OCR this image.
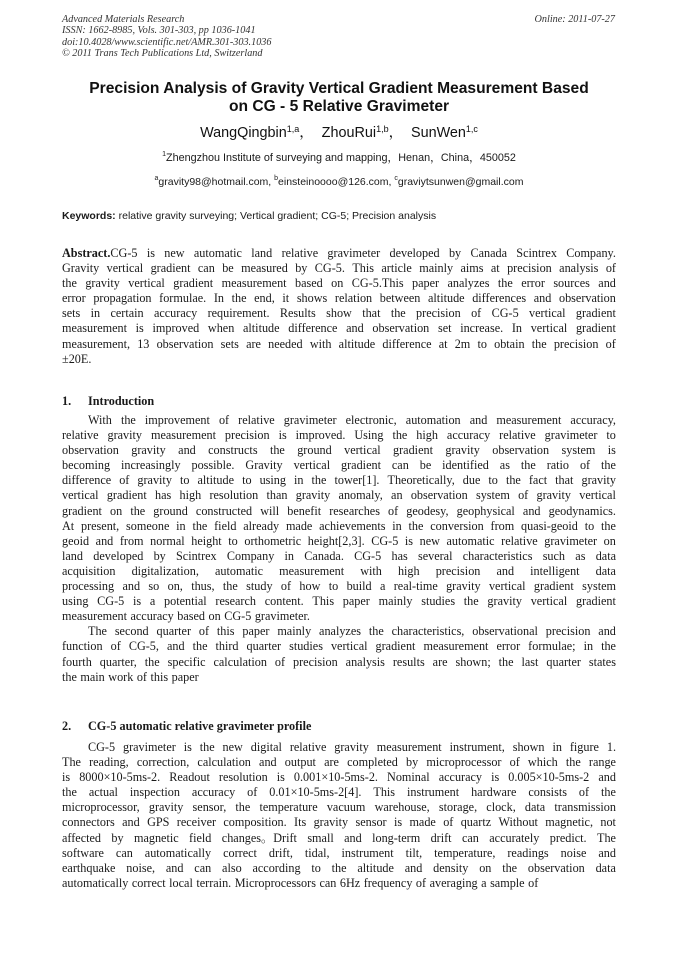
Advanced Materials Research
ISSN: 1662-8985, Vols. 301-303, pp 1036-1041
doi:10.4028/www.scientific.net/AMR.301-303.1036
© 2011 Trans Tech Publications Ltd, Switzerland
Online: 2011-07-27
Precision Analysis of Gravity Vertical Gradient Measurement Based
on CG - 5 Relative Gravimeter
WangQingbin$^{1,a}$， ZhouRui$^{1,b}$， SunWen$^{1,c}$
$^1$Zhengzhou Institute of surveying and mapping，Henan，China，450052
$^a$gravity98@hotmail.com, $^b$einsteinoooo@126.com, $^c$graviytsunwen@gmail.com
Keywords: relative gravity surveying; Vertical gradient; CG-5; Precision analysis
Abstract.CG-5 is new automatic land relative gravimeter developed by Canada Scintrex Company.
Gravity vertical gradient can be measured by CG-5. This article mainly aims at precision analysis of
the gravity vertical gradient measurement based on CG-5.This paper analyzes the error sources and
error propagation formulae. In the end, it shows relation between altitude differences and observation
sets in certain accuracy requirement. Results show that the precision of CG-5 vertical gradient
measurement is improved when altitude difference and observation set increase. In vertical gradient
measurement, 13 observation sets are needed with altitude difference at 2m to obtain the precision of
±20E.
1. Introduction
With the improvement of relative gravimeter electronic, automation and measurement accuracy,
relative gravity measurement precision is improved. Using the high accuracy relative gravimeter to
observation gravity and constructs the ground vertical gradient gravity observation system is
becoming increasingly possible. Gravity vertical gradient can be identified as the ratio of the
difference of gravity to altitude to using in the tower[1]. Theoretically, due to the fact that gravity
vertical gradient has high resolution than gravity anomaly, an observation system of gravity vertical
gradient on the ground constructed will benefit researches of geodesy, geophysical and geodynamics.
At present, someone in the field already made achievements in the conversion from quasi-geoid to the
geoid and from normal height to orthometric height[2,3]. CG-5 is new automatic relative gravimeter on
land developed by Scintrex Company in Canada. CG-5 has several characteristics such as data
acquisition digitalization, automatic measurement with high precision and intelligent data
processing and so on, thus, the study of how to build a real-time gravity vertical gradient system
using CG-5 is a potential research content. This paper mainly studies the gravity vertical gradient
measurement accuracy based on CG-5 gravimeter.
The second quarter of this paper mainly analyzes the characteristics, observational precision and
function of CG-5, and the third quarter studies vertical gradient measurement error formulae; in the
fourth quarter, the specific calculation of precision analysis results are shown; the last quarter states
the main work of this paper
2. CG-5 automatic relative gravimeter profile
CG-5 gravimeter is the new digital relative gravity measurement instrument, shown in figure 1.
The reading, correction, calculation and output are completed by microprocessor of which the range
is 8000×10-5ms-2. Readout resolution is 0.001×10-5ms-2. Nominal accuracy is 0.005×10-5ms-2 and
the actual inspection accuracy of 0.01×10-5ms-2[4]. This instrument hardware consists of the
microprocessor, gravity sensor, the temperature vacuum warehouse, storage, clock, data transmission
connectors and GPS receiver composition. Its gravity sensor is made of quartz Without magnetic, not
affected by magnetic field changes。Drift small and long-term drift can accurately predict. The
software can automatically correct drift, tidal, instrument tilt, temperature, readings noise and
earthquake noise, and can also according to the altitude and density on the observation data
automatically correct local terrain. Microprocessors can 6Hz frequency of averaging a sample of
